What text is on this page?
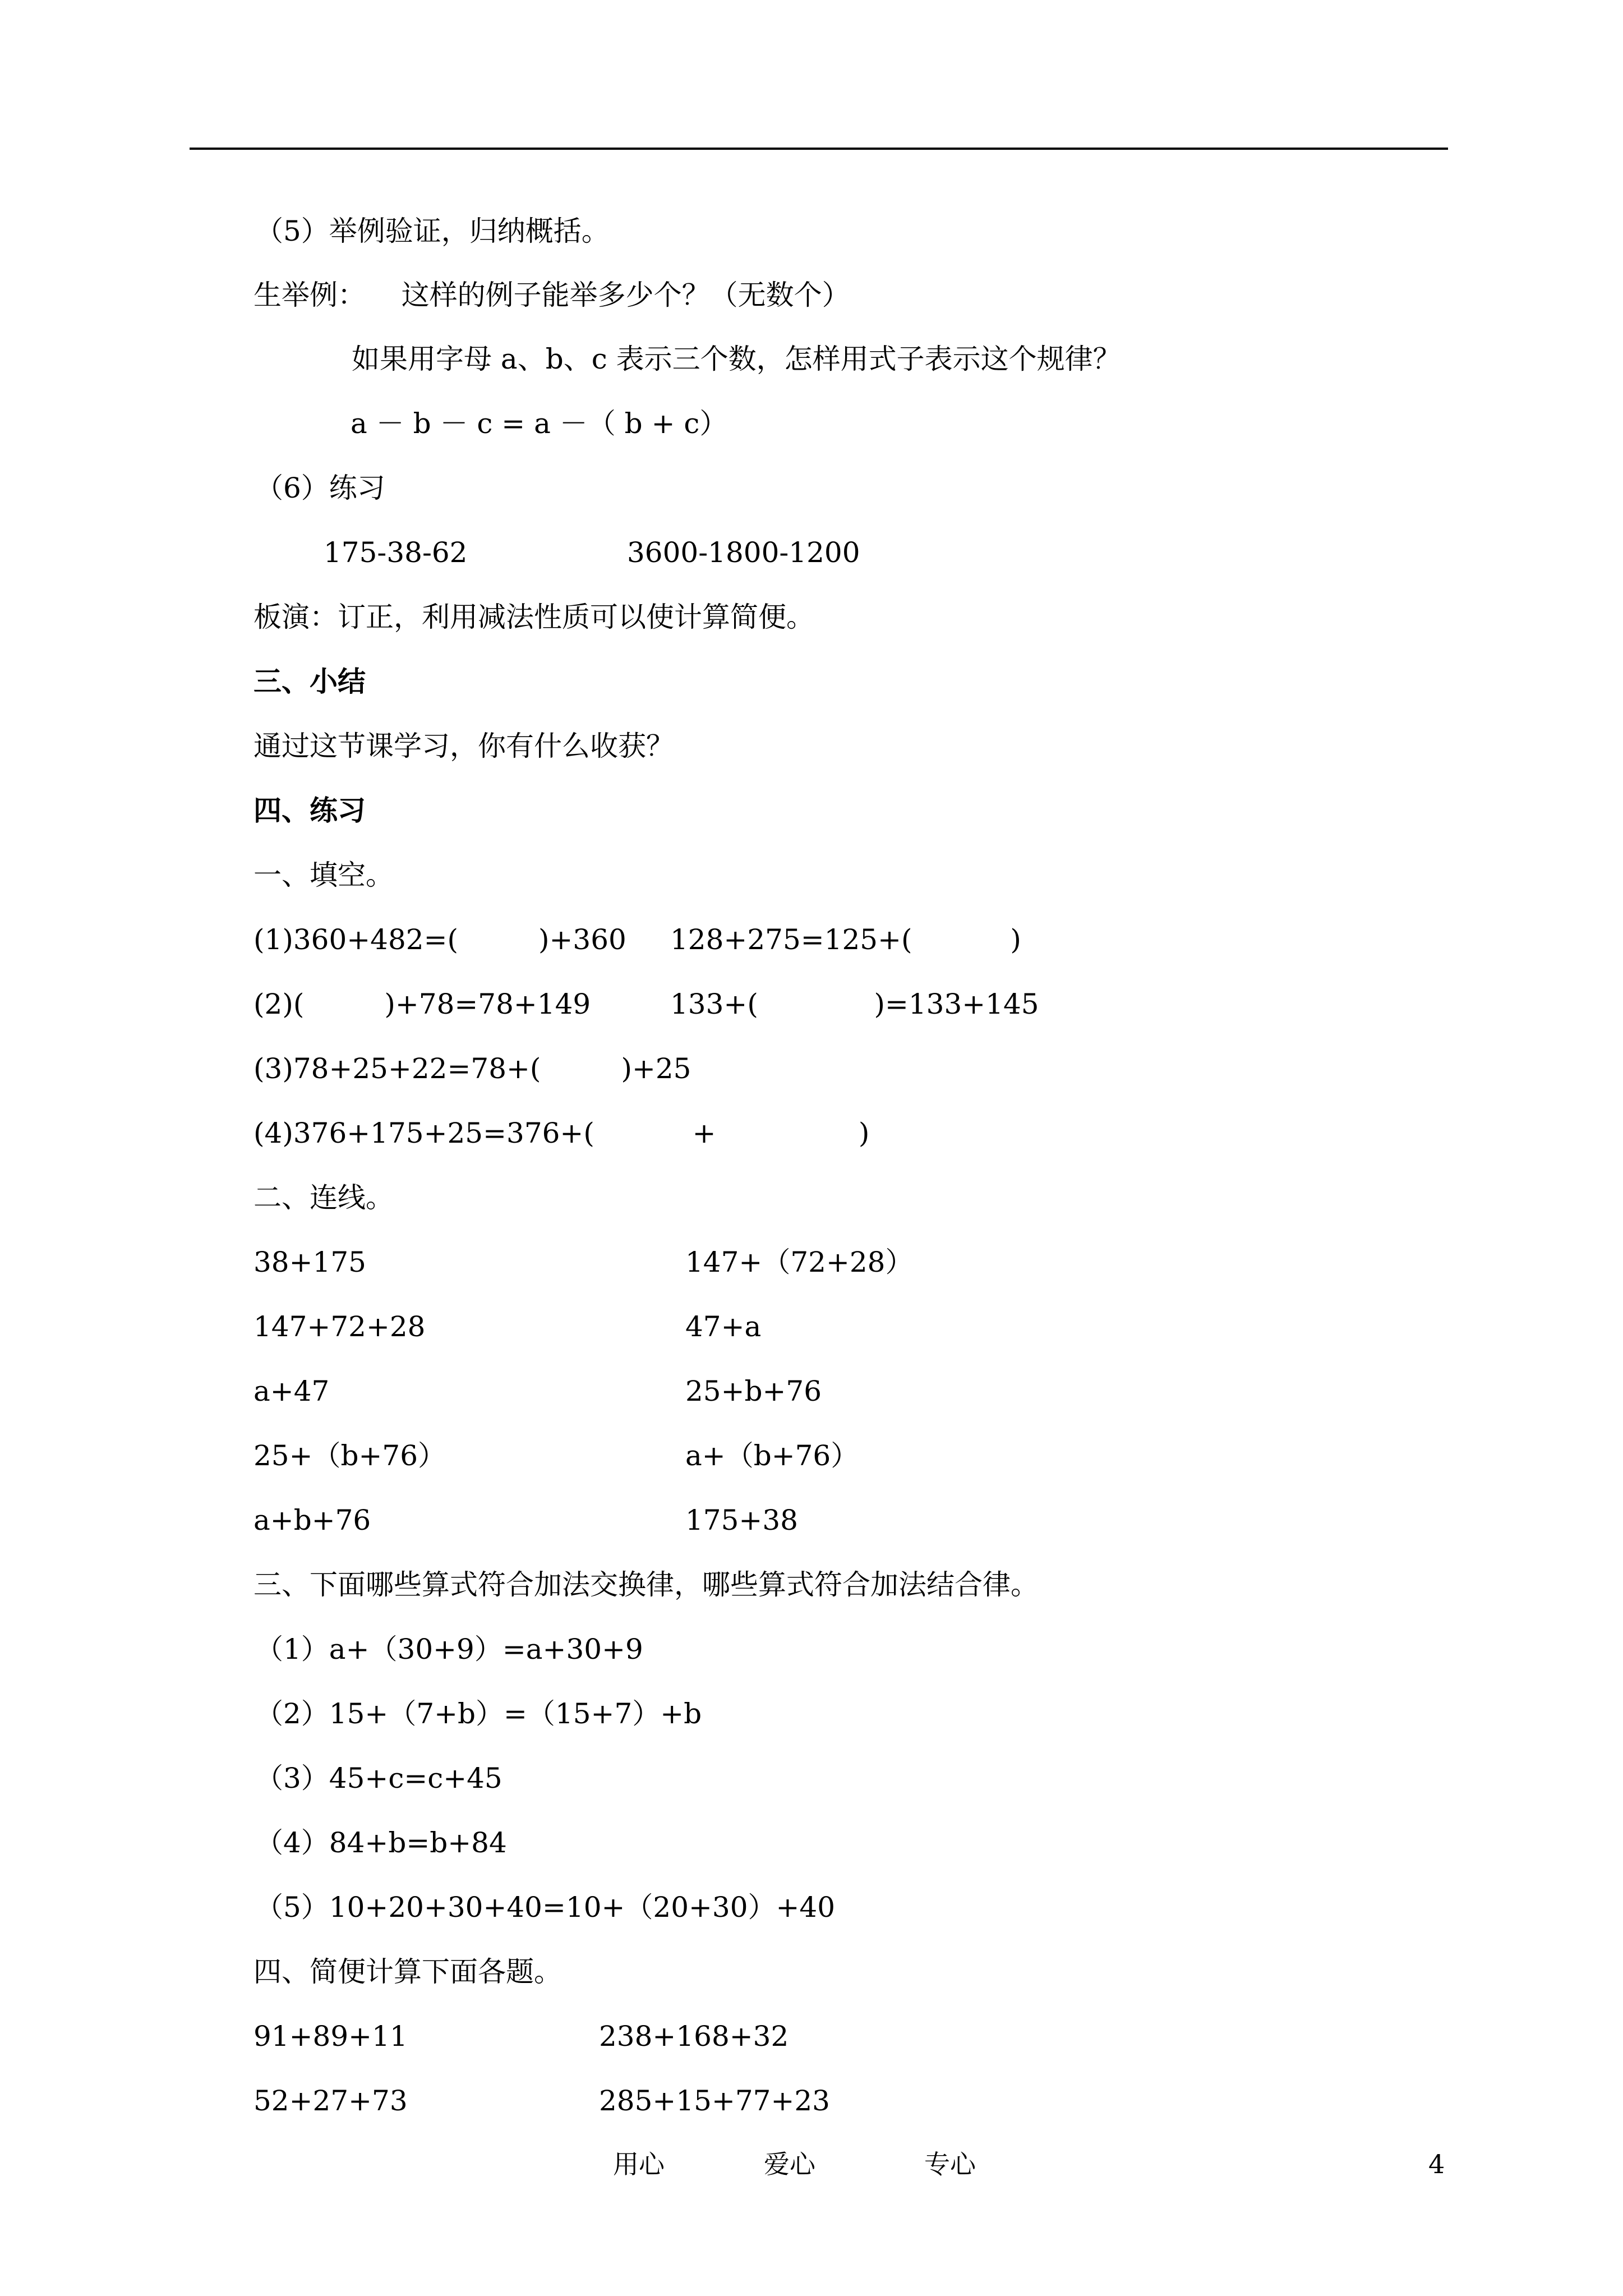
（5）举例验证，归纳概括。
生举例：    这样的例子能举多少个？（无数个）
如果用字母 a、b、c 表示三个数，怎样用式子表示这个规律？
a － b － c = a －（ b + c）
（6）练习
175-38-62	3600-1800-1200
板演：订正，利用减法性质可以使计算简便。
三、小结
通过这节课学习，你有什么收获？
四、练习
一、填空。
(1)360+482=(         )+360 128+275=125+(           )
(2)(         )+78=78+149	133+(             )=133+145
(3)78+25+22=78+(         )+25
(4)376+175+25=376+(           +                )
二、连线。
38+175	147+（72+28）
147+72+28	47+a
a+47	25+b+76
25+（b+76）	a+（b+76）
a+b+76	175+38
三、下面哪些算式符合加法交换律，哪些算式符合加法结合律。
（1）a+（30+9）=a+30+9
（2）15+（7+b）=（15+7）+b
（3）45+c=c+45
（4）84+b=b+84
（5）10+20+30+40=10+（20+30）+40
四、简便计算下面各题。
91+89+11	238+168+32
52+27+73	285+15+77+23
用心	爱心	专心	4
